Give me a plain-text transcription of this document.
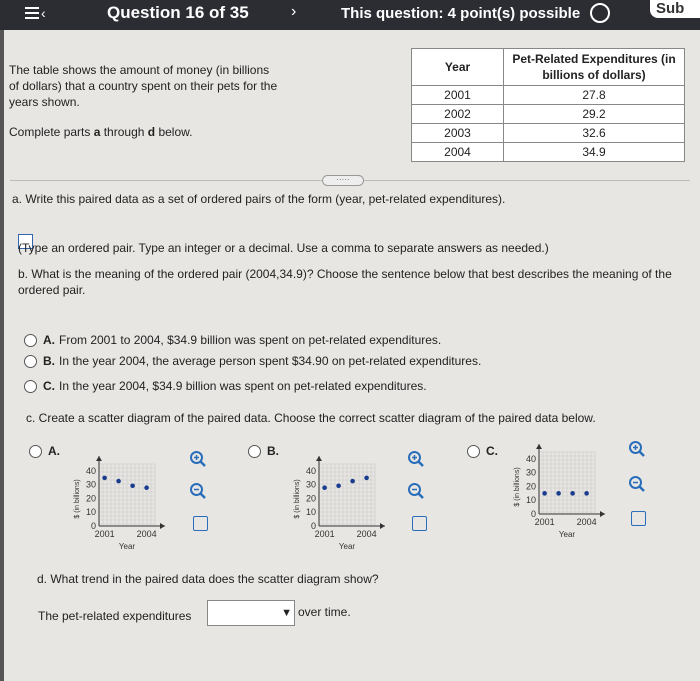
‹	Question 16 of 35	›	This question: 4 point(s) possible	Sub
The table shows the amount of money (in billions of dollars) that a country spent on their pets for the years shown.
Complete parts a through d below.
Year	Pet-Related Expenditures (in billions of dollars)
2001	27.8
2002	29.2
2003	32.6
2004	34.9
·····
a. Write this paired data as a set of ordered pairs of the form (year, pet-related expenditures).
(Type an ordered pair. Type an integer or a decimal. Use a comma to separate answers as needed.)
b. What is the meaning of the ordered pair (2004,34.9)? Choose the sentence below that best describes the meaning of the ordered pair.
A. From 2001 to 2004, $34.9 billion was spent on pet-related expenditures.
B. In the year 2004, the average person spent $34.90 on pet-related expenditures.
C. In the year 2004, $34.9 billion was spent on pet-related expenditures.
c. Create a scatter diagram of the paired data. Choose the correct scatter diagram of the paired data below.
A.	B.	C.
40
30
20
10
0
2001 2004
Year
$ (in billions)
40
30
20
10
0
2001 2004
Year
$ (in billions)
40
30
20
10
0
2001 2004
Year
$ (in billions)
d. What trend in the paired data does the scatter diagram show?
The pet-related expenditures	▼ over time.
